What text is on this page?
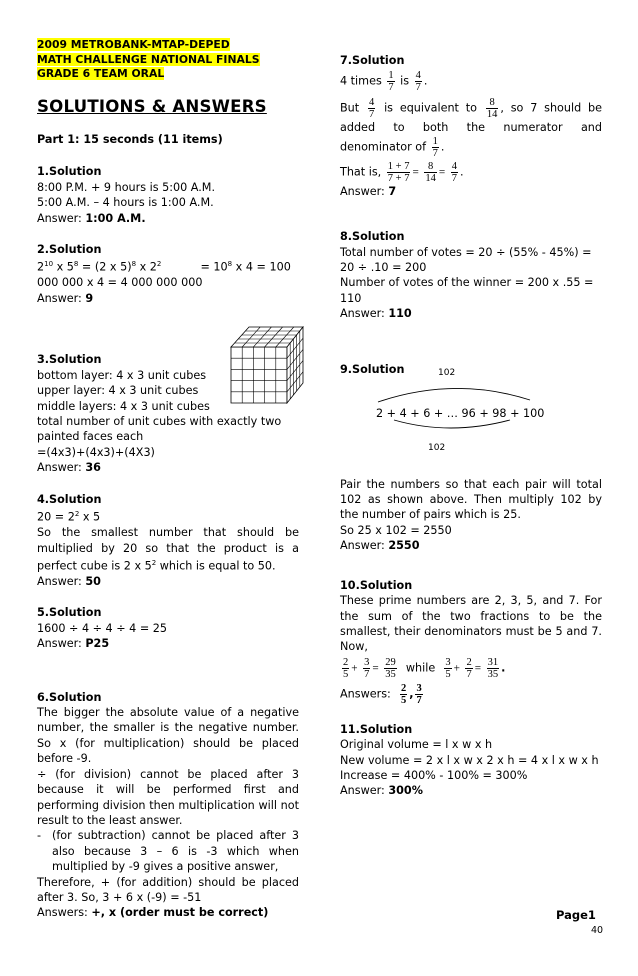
2009 METROBANK-MTAP-DEPED
MATH CHALLENGE NATIONAL FINALS
GRADE 6 TEAM ORAL
SOLUTIONS & ANSWERS
Part 1: 15 seconds (11 items)
1.Solution
8:00 P.M. + 9 hours is 5:00 A.M.
5:00 A.M. – 4 hours is 1:00 A.M.
Answer: 1:00 A.M.
2.Solution
$2^{10}$ x $5^8 = (2$ x 5)$^8$ x $2^2$           = $10^8$ x 4 = 100 000 000 x 4 = 4 000 000 000
Answer: 9
3.Solution
bottom layer: 4 x 3 unit cubes
upper layer: 4 x 3 unit cubes
middle layers: 4 x 3 unit cubes
total number of unit cubes with exactly two painted faces each
=(4x3)+(4x3)+(4X3)
Answer: 36
4.Solution
$20 = 2^2$ x 5
So the smallest number that should be multiplied by 20 so that the product is a perfect cube is 2 x $5^2$ which is equal to 50.
Answer: 50
5.Solution
1600 ÷ 4 ÷ 4 ÷ 4 = 25
Answer: P25
6.Solution
The bigger the absolute value of a negative number, the smaller is the negative number. So x (for multiplication) should be placed before -9.
÷ (for division) cannot be placed after 3 because it will be performed first and performing division then multiplication will not result to the least answer.
- (for subtraction) cannot be placed after 3 also because 3 – 6 is -3 which when multiplied by -9 gives a positive answer,
Therefore, + (for addition) should be placed after 3. So, 3 + 6 x (-9) = -51
Answers: +, x (order must be correct)
7.Solution
4 times $\frac{1}{7}$ is $\frac{4}{7}$ .
But $\frac{4}{7}$ is equivalent to $\frac{8}{14}$ , so 7 should be added to both the numerator and denominator of $\frac{1}{7}$ .
That is, $\frac{1 + 7}{7 + 7} = \frac{8}{14} = \frac{4}{7}$ .
Answer: 7
8.Solution
Total number of votes = 20 ÷ (55% - 45%) = 20 ÷ .10 = 200
Number of votes of the winner = 200 x .55 = 110
Answer: 110
9.Solution	102
2 + 4 + 6 + … 96 + 98 + 100
102
Pair the numbers so that each pair will total 102 as shown above. Then multiply 102 by the number of pairs which is 25.
So 25 x 102 = 2550
Answer: 2550
10.Solution
These prime numbers are 2, 3, 5, and 7. For the sum of the two fractions to be the smallest, their denominators must be 5 and 7. Now,
$\frac{2}{5} + \frac{3}{7} = \frac{29}{35}$ while $\frac{3}{5} + \frac{2}{7} = \frac{31}{35}$ .
Answers: $\frac{2}{5}$ , $\frac{3}{7}$
11.Solution
Original volume = l x w x h
New volume = 2 x l x w x 2 x h = 4 x l x w x h
Increase = 400% - 100% = 300%
Answer: 300%
Page1
40
